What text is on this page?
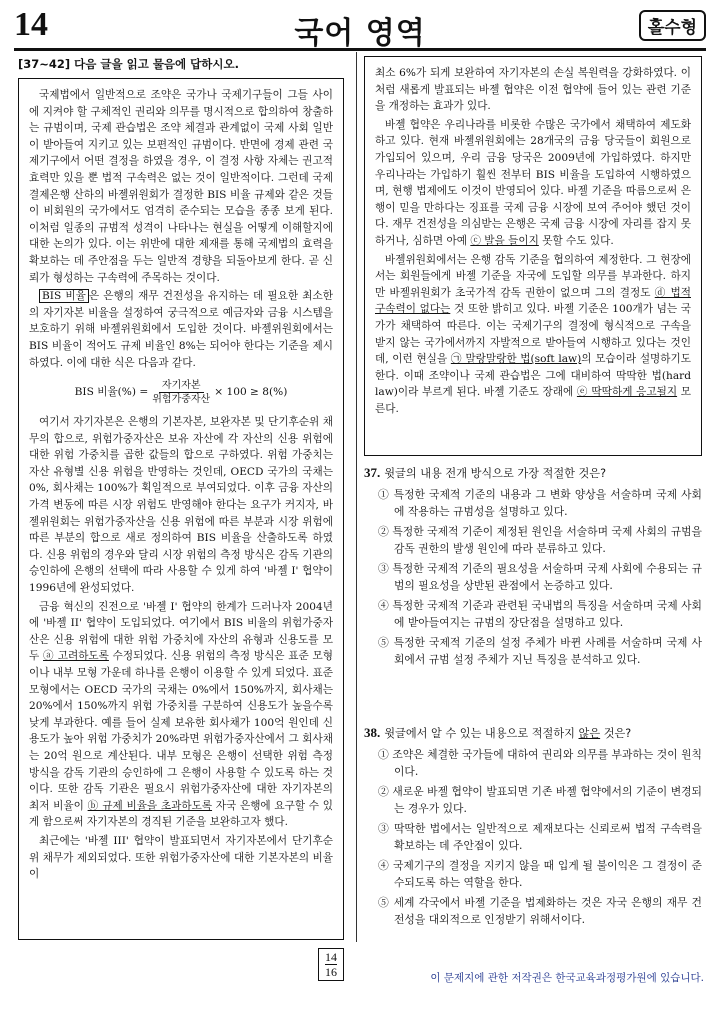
14	국어 영역	홀수형
[37~42] 다음 글을 읽고 물음에 답하시오.

국제법에서 일반적으로 조약은 국가나 국제기구들이 그들 사이에 지켜야 할 구체적인 권리와 의무를 명시적으로 합의하여 창출하는 규범이며, 국제 관습법은 조약 체결과 관계없이 국제 사회 일반이 받아들여 지키고 있는 보편적인 규범이다. 반면에 경제 관련 국제기구에서 어떤 결정을 하였을 경우, 이 결정 사항 자체는 권고적 효력만 있을 뿐 법적 구속력은 없는 것이 일반적이다. 그런데 국제결제은행 산하의 바젤위원회가 결정한 BIS 비율 규제와 같은 것들이 비회원의 국가에서도 엄격히 준수되는 모습을 종종 보게 된다. 이처럼 일종의 규범적 성격이 나타나는 현실을 어떻게 이해할지에 대한 논의가 있다. 이는 위반에 대한 제재를 통해 국제법의 효력을 확보하는 데 주안점을 두는 일반적 경향을 되돌아보게 한다. 곧 신뢰가 형성하는 구속력에 주목하는 것이다.

BIS 비율 은 은행의 재무 건전성을 유지하는 데 필요한 최소한의 자기자본 비율을 설정하여 궁극적으로 예금자와 금융 시스템을 보호하기 위해 바젤위원회에서 도입한 것이다. 바젤위원회에서는 BIS 비율이 적어도 규제 비율인 8%는 되어야 한다는 기준을 제시하였다. 이에 대한 식은 다음과 같다.

BIS 비율(%) = $\frac{\text{자기자본}}{\text{위험가중자산}} \times 100 \ge 8(\%)$

여기서 자기자본은 은행의 기본자본, 보완자본 및 단기후순위 채무의 합으로, 위험가중자산은 보유 자산에 각 자산의 신용 위험에 대한 위험 가중치를 곱한 값들의 합으로 구하였다. 위험 가중치는 자산 유형별 신용 위험을 반영하는 것인데, OECD 국가의 국채는 0%, 회사채는 100%가 획일적으로 부여되었다. 이후 금융 자산의 가격 변동에 따른 시장 위험도 반영해야 한다는 요구가 커지자, 바젤위원회는 위험가중자산을 신용 위험에 따른 부분과 시장 위험에 따른 부분의 합으로 새로 정의하여 BIS 비율을 산출하도록 하였다. 신용 위험의 경우와 달리 시장 위험의 측정 방식은 감독 기관의 승인하에 은행의 선택에 따라 사용할 수 있게 하여 '바젤 I' 협약이 1996년에 완성되었다.

금융 혁신의 진전으로 '바젤 I' 협약의 한계가 드러나자 2004년에 '바젤 II' 협약이 도입되었다. 여기에서 BIS 비율의 위험가중자산은 신용 위험에 대한 위험 가중치에 자산의 유형과 신용도를 모두 ⓐ 고려하도록 수정되었다. 신용 위험의 측정 방식은 표준 모형이나 내부 모형 가운데 하나를 은행이 이용할 수 있게 되었다. 표준 모형에서는 OECD 국가의 국채는 0%에서 150%까지, 회사채는 20%에서 150%까지 위험 가중치를 구분하여 신용도가 높을수록 낮게 부과한다. 예를 들어 실제 보유한 회사채가 100억 원인데 신용도가 높아 위험 가중치가 20%라면 위험가중자산에서 그 회사채는 20억 원으로 계산된다. 내부 모형은 은행이 선택한 위험 측정 방식을 감독 기관의 승인하에 그 은행이 사용할 수 있도록 하는 것이다. 또한 감독 기관은 필요시 위험가중자산에 대한 자기자본의 최저 비율이 ⓑ 규제 비율을 초과하도록 자국 은행에 요구할 수 있게 함으로써 자기자본의 경직된 기준을 보완하고자 했다.

최근에는 '바젤 III' 협약이 발표되면서 자기자본에서 단기후순위 채무가 제외되었다. 또한 위험가중자산에 대한 기본자본의 비율이

최소 6%가 되게 보완하여 자기자본의 손실 복원력을 강화하였다. 이처럼 새롭게 발표되는 바젤 협약은 이전 협약에 들어 있는 관련 기준을 개정하는 효과가 있다.

바젤 협약은 우리나라를 비롯한 수많은 국가에서 채택하여 제도화하고 있다. 현재 바젤위원회에는 28개국의 금융 당국들이 회원으로 가입되어 있으며, 우리 금융 당국은 2009년에 가입하였다. 하지만 우리나라는 가입하기 훨씬 전부터 BIS 비율을 도입하여 시행하였으며, 현행 법제에도 이것이 반영되어 있다. 바젤 기준을 따름으로써 은행이 믿을 만하다는 징표를 국제 금융 시장에 보여 주어야 했던 것이다. 재무 건전성을 의심받는 은행은 국제 금융 시장에 자리를 잡지 못하거나, 심하면 아예 ⓒ 발을 들이지 못할 수도 있다.

바젤위원회에서는 은행 감독 기준을 협의하여 제정한다. 그 현장에서는 회원들에게 바젤 기준을 자국에 도입할 의무를 부과한다. 하지만 바젤위원회가 초국가적 감독 권한이 없으며 그의 결정도 ⓓ 법적 구속력이 없다는 것 또한 밝히고 있다. 바젤 기준은 100개가 넘는 국가가 채택하여 따른다. 이는 국제기구의 결정에 형식적으로 구속을 받지 않는 국가에서까지 자발적으로 받아들여 시행하고 있다는 것인데, 이런 현실을 ㉠ 말랑말랑한 법(soft law)의 모습이라 설명하기도 한다. 이때 조약이나 국제 관습법은 그에 대비하여 딱딱한 법(hard law)이라 부르게 된다. 바젤 기준도 장래에 ⓔ 딱딱하게 응고될지 모른다.

37. 윗글의 내용 전개 방식으로 가장 적절한 것은?
① 특정한 국제적 기준의 내용과 그 변화 양상을 서술하며 국제 사회에 작용하는 규범성을 설명하고 있다.
② 특정한 국제적 기준이 제정된 원인을 서술하며 국제 사회의 규범을 감독 권한의 발생 원인에 따라 분류하고 있다.
③ 특정한 국제적 기준의 필요성을 서술하며 국제 사회에 수용되는 규범의 필요성을 상반된 관점에서 논증하고 있다.
④ 특정한 국제적 기준과 관련된 국내법의 특징을 서술하며 국제 사회에 받아들여지는 규범의 장단점을 설명하고 있다.
⑤ 특정한 국제적 기준의 설정 주체가 바뀐 사례를 서술하며 국제 사회에서 규범 설정 주체가 지닌 특징을 분석하고 있다.
38. 윗글에서 알 수 있는 내용으로 적절하지 않은 것은?
① 조약은 체결한 국가들에 대하여 권리와 의무를 부과하는 것이 원칙이다.
② 새로운 바젤 협약이 발표되면 기존 바젤 협약에서의 기준이 변경되는 경우가 있다.
③ 딱딱한 법에서는 일반적으로 제재보다는 신뢰로써 법적 구속력을 확보하는 데 주안점이 있다.
④ 국제기구의 결정을 지키지 않을 때 입게 될 불이익은 그 결정이 준수되도록 하는 역할을 한다.
⑤ 세계 각국에서 바젤 기준을 법제화하는 것은 자국 은행의 재무 건전성을 대외적으로 인정받기 위해서이다.
14
16	이 문제지에 관한 저작권은 한국교육과정평가원에 있습니다.
